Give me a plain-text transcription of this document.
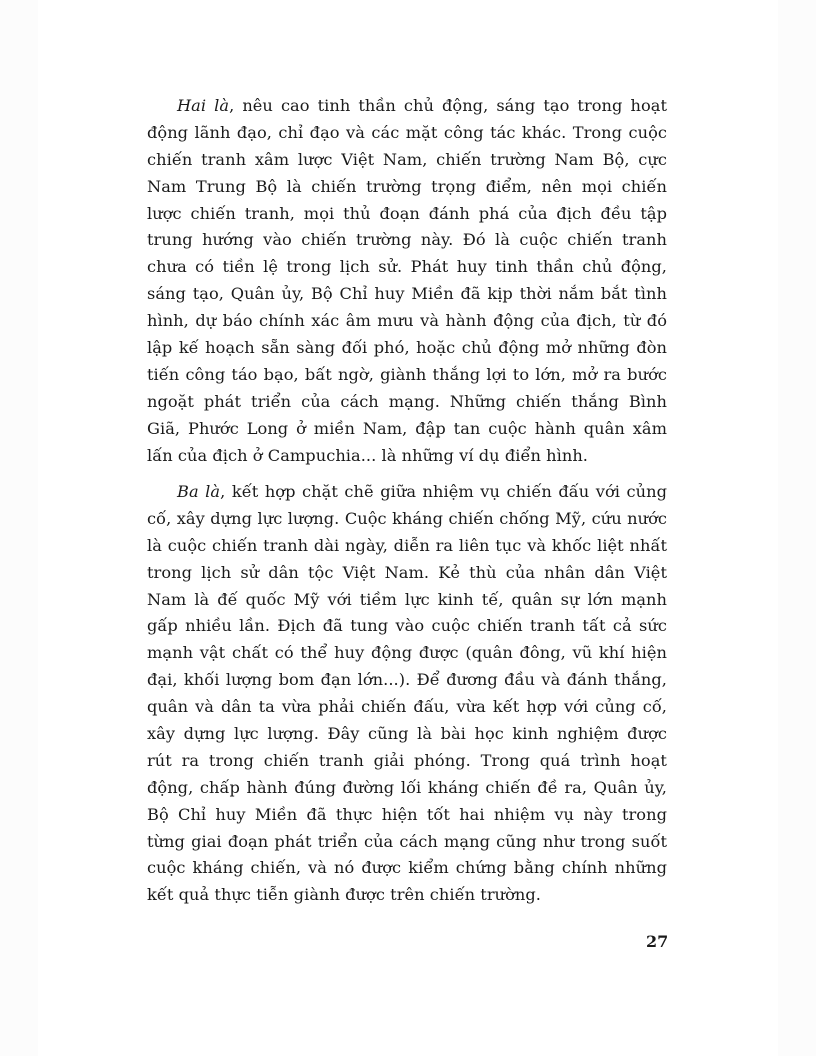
Hai là, nêu cao tinh thần chủ động, sáng tạo trong hoạt
động lãnh đạo, chỉ đạo và các mặt công tác khác. Trong cuộc
chiến tranh xâm lược Việt Nam, chiến trường Nam Bộ, cực
Nam Trung Bộ là chiến trường trọng điểm, nên mọi chiến
lược chiến tranh, mọi thủ đoạn đánh phá của địch đều tập
trung hướng vào chiến trường này. Đó là cuộc chiến tranh
chưa có tiền lệ trong lịch sử. Phát huy tinh thần chủ động,
sáng tạo, Quân ủy, Bộ Chỉ huy Miền đã kịp thời nắm bắt tình
hình, dự báo chính xác âm mưu và hành động của địch, từ đó
lập kế hoạch sẵn sàng đối phó, hoặc chủ động mở những đòn
tiến công táo bạo, bất ngờ, giành thắng lợi to lớn, mở ra bước
ngoặt phát triển của cách mạng. Những chiến thắng Bình
Giã, Phước Long ở miền Nam, đập tan cuộc hành quân xâm
lấn của địch ở Campuchia... là những ví dụ điển hình.
Ba là, kết hợp chặt chẽ giữa nhiệm vụ chiến đấu với củng
cố, xây dựng lực lượng. Cuộc kháng chiến chống Mỹ, cứu nước
là cuộc chiến tranh dài ngày, diễn ra liên tục và khốc liệt nhất
trong lịch sử dân tộc Việt Nam. Kẻ thù của nhân dân Việt
Nam là đế quốc Mỹ với tiềm lực kinh tế, quân sự lớn mạnh
gấp nhiều lần. Địch đã tung vào cuộc chiến tranh tất cả sức
mạnh vật chất có thể huy động được (quân đông, vũ khí hiện
đại, khối lượng bom đạn lớn...). Để đương đầu và đánh thắng,
quân và dân ta vừa phải chiến đấu, vừa kết hợp với củng cố,
xây dựng lực lượng. Đây cũng là bài học kinh nghiệm được
rút ra trong chiến tranh giải phóng. Trong quá trình hoạt
động, chấp hành đúng đường lối kháng chiến đề ra, Quân ủy,
Bộ Chỉ huy Miền đã thực hiện tốt hai nhiệm vụ này trong
từng giai đoạn phát triển của cách mạng cũng như trong suốt
cuộc kháng chiến, và nó được kiểm chứng bằng chính những
kết quả thực tiễn giành được trên chiến trường.
27
